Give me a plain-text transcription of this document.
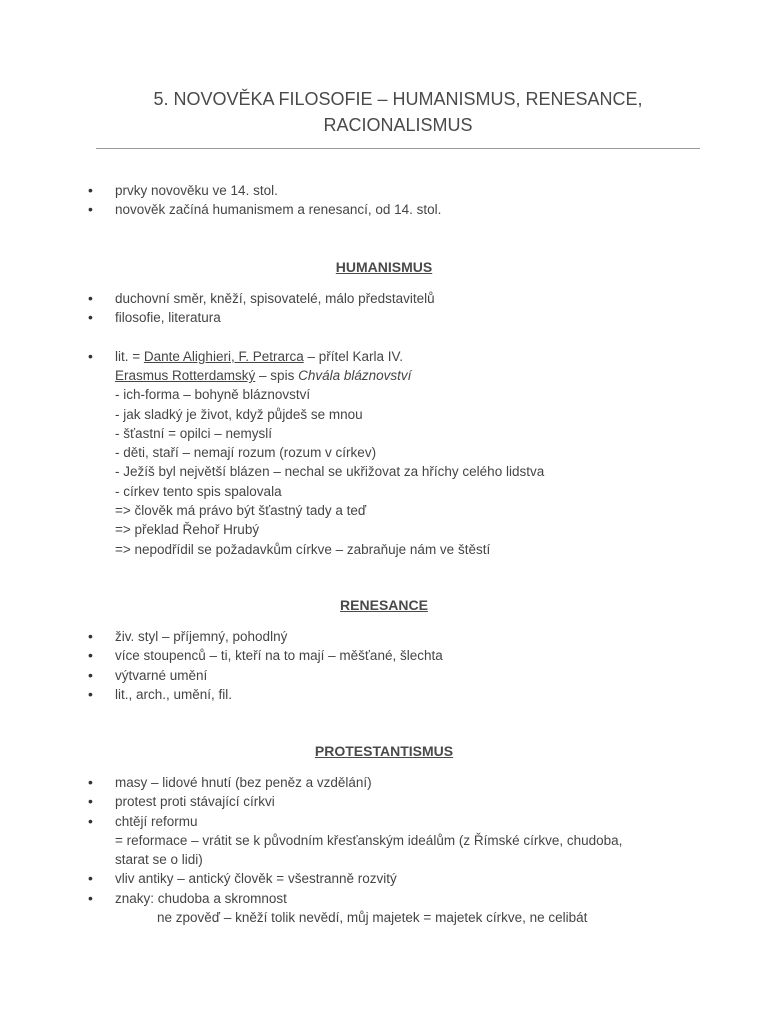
5. NOVOVĚKA FILOSOFIE – HUMANISMUS, RENESANCE,
RACIONALISMUS
• prvky novověku ve 14. stol.
• novověk začíná humanismem a renesancí, od 14. stol.
HUMANISMUS
• duchovní směr, kněží, spisovatelé, málo představitelů
• filosofie, literatura
• lit. = Dante Alighieri, F. Petrarca – přítel Karla IV.
Erasmus Rotterdamský – spis Chvála bláznovství
- ich-forma – bohyně bláznovství
- jak sladký je život, když půjdeš se mnou
- šťastní = opilci – nemyslí
- děti, staří – nemají rozum (rozum v církev)
- Ježíš byl největší blázen – nechal se ukřižovat za hříchy celého lidstva
- církev tento spis spalovala
=> člověk má právo být šťastný tady a teď
=> překlad Řehoř Hrubý
=> nepodřídil se požadavkům církve – zabraňuje nám ve štěstí
RENESANCE
• živ. styl – příjemný, pohodlný
• více stoupenců – ti, kteří na to mají – měšťané, šlechta
• výtvarné umění
• lit., arch., umění, fil.
PROTESTANTISMUS
• masy – lidové hnutí (bez peněz a vzdělání)
• protest proti stávající církvi
• chtějí reformu
= reformace – vrátit se k původním křesťanským ideálům (z Římské církve, chudoba,
starat se o lidi)
• vliv antiky – antický člověk = všestranně rozvitý
• znaky: chudoba a skromnost
ne zpověď – kněží tolik nevědí, můj majetek = majetek církve, ne celibát
